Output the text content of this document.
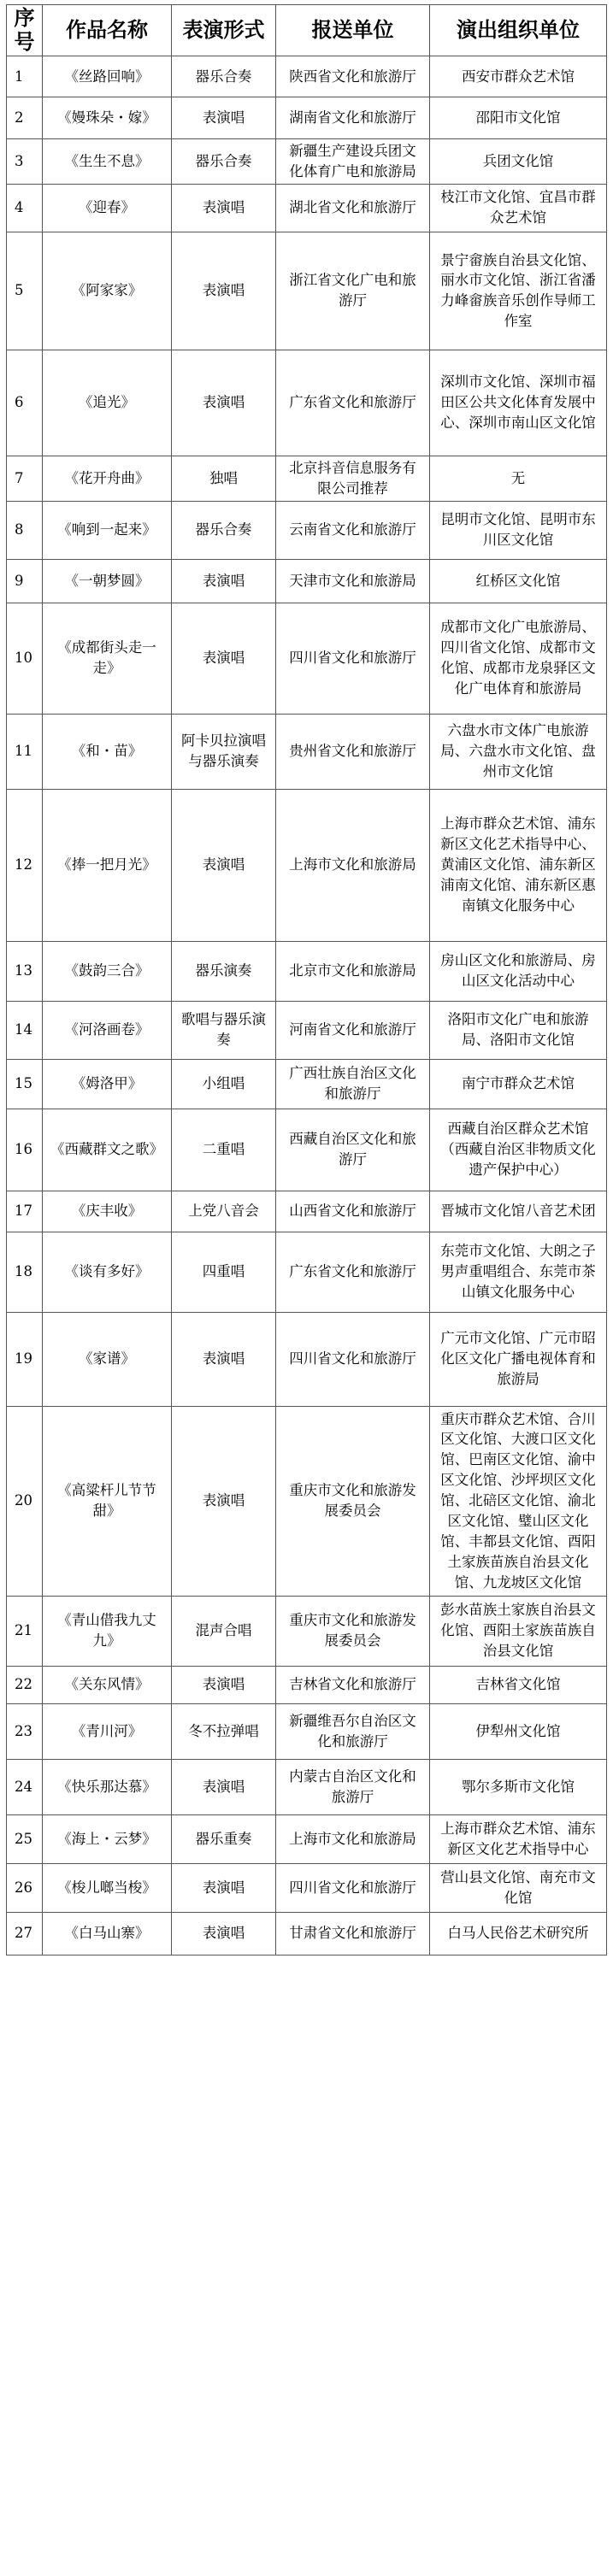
序号	作品名称	表演形式	报送单位	演出组织单位
1	《丝路回响》	器乐合奏	陕西省文化和旅游厅	西安市群众艺术馆
2	《嫚珠朵・嫁》	表演唱	湖南省文化和旅游厅	邵阳市文化馆
3	《生生不息》	器乐合奏	新疆生产建设兵团文化体育广电和旅游局	兵团文化馆
4	《迎春》	表演唱	湖北省文化和旅游厅	枝江市文化馆、宜昌市群众艺术馆
5	《阿家家》	表演唱	浙江省文化广电和旅游厅	景宁畲族自治县文化馆、丽水市文化馆、浙江省潘力峰畲族音乐创作导师工作室
6	《追光》	表演唱	广东省文化和旅游厅	深圳市文化馆、深圳市福田区公共文化体育发展中心、深圳市南山区文化馆
7	《花开舟曲》	独唱	北京抖音信息服务有限公司推荐	无
8	《响到一起来》	器乐合奏	云南省文化和旅游厅	昆明市文化馆、昆明市东川区文化馆
9	《一朝梦圆》	表演唱	天津市文化和旅游局	红桥区文化馆
10	《成都街头走一走》	表演唱	四川省文化和旅游厅	成都市文化广电旅游局、四川省文化馆、成都市文化馆、成都市龙泉驿区文化广电体育和旅游局
11	《和・苗》	阿卡贝拉演唱与器乐演奏	贵州省文化和旅游厅	六盘水市文体广电旅游局、六盘水市文化馆、盘州市文化馆
12	《捧一把月光》	表演唱	上海市文化和旅游局	上海市群众艺术馆、浦东新区文化艺术指导中心、黄浦区文化馆、浦东新区浦南文化馆、浦东新区惠南镇文化服务中心
13	《鼓韵三合》	器乐演奏	北京市文化和旅游局	房山区文化和旅游局、房山区文化活动中心
14	《河洛画卷》	歌唱与器乐演奏	河南省文化和旅游厅	洛阳市文化广电和旅游局、洛阳市文化馆
15	《姆洛甲》	小组唱	广西壮族自治区文化和旅游厅	南宁市群众艺术馆
16	《西藏群文之歌》	二重唱	西藏自治区文化和旅游厅	西藏自治区群众艺术馆（西藏自治区非物质文化遗产保护中心）
17	《庆丰收》	上党八音会	山西省文化和旅游厅	晋城市文化馆八音艺术团
18	《谈有多好》	四重唱	广东省文化和旅游厅	东莞市文化馆、大朗之子男声重唱组合、东莞市茶山镇文化服务中心
19	《家谱》	表演唱	四川省文化和旅游厅	广元市文化馆、广元市昭化区文化广播电视体育和旅游局
20	《高粱杆儿节节甜》	表演唱	重庆市文化和旅游发展委员会	重庆市群众艺术馆、合川区文化馆、大渡口区文化馆、巴南区文化馆、渝中区文化馆、沙坪坝区文化馆、北碚区文化馆、渝北区文化馆、璧山区文化馆、丰都县文化馆、酉阳土家族苗族自治县文化馆、九龙坡区文化馆
21	《青山借我九丈九》	混声合唱	重庆市文化和旅游发展委员会	彭水苗族土家族自治县文化馆、酉阳土家族苗族自治县文化馆
22	《关东风情》	表演唱	吉林省文化和旅游厅	吉林省文化馆
23	《青川河》	冬不拉弹唱	新疆维吾尔自治区文化和旅游厅	伊犁州文化馆
24	《快乐那达慕》	表演唱	内蒙古自治区文化和旅游厅	鄂尔多斯市文化馆
25	《海上・云梦》	器乐重奏	上海市文化和旅游局	上海市群众艺术馆、浦东新区文化艺术指导中心
26	《梭儿啷当梭》	表演唱	四川省文化和旅游厅	营山县文化馆、南充市文化馆
27	《白马山寨》	表演唱	甘肃省文化和旅游厅	白马人民俗艺术研究所
